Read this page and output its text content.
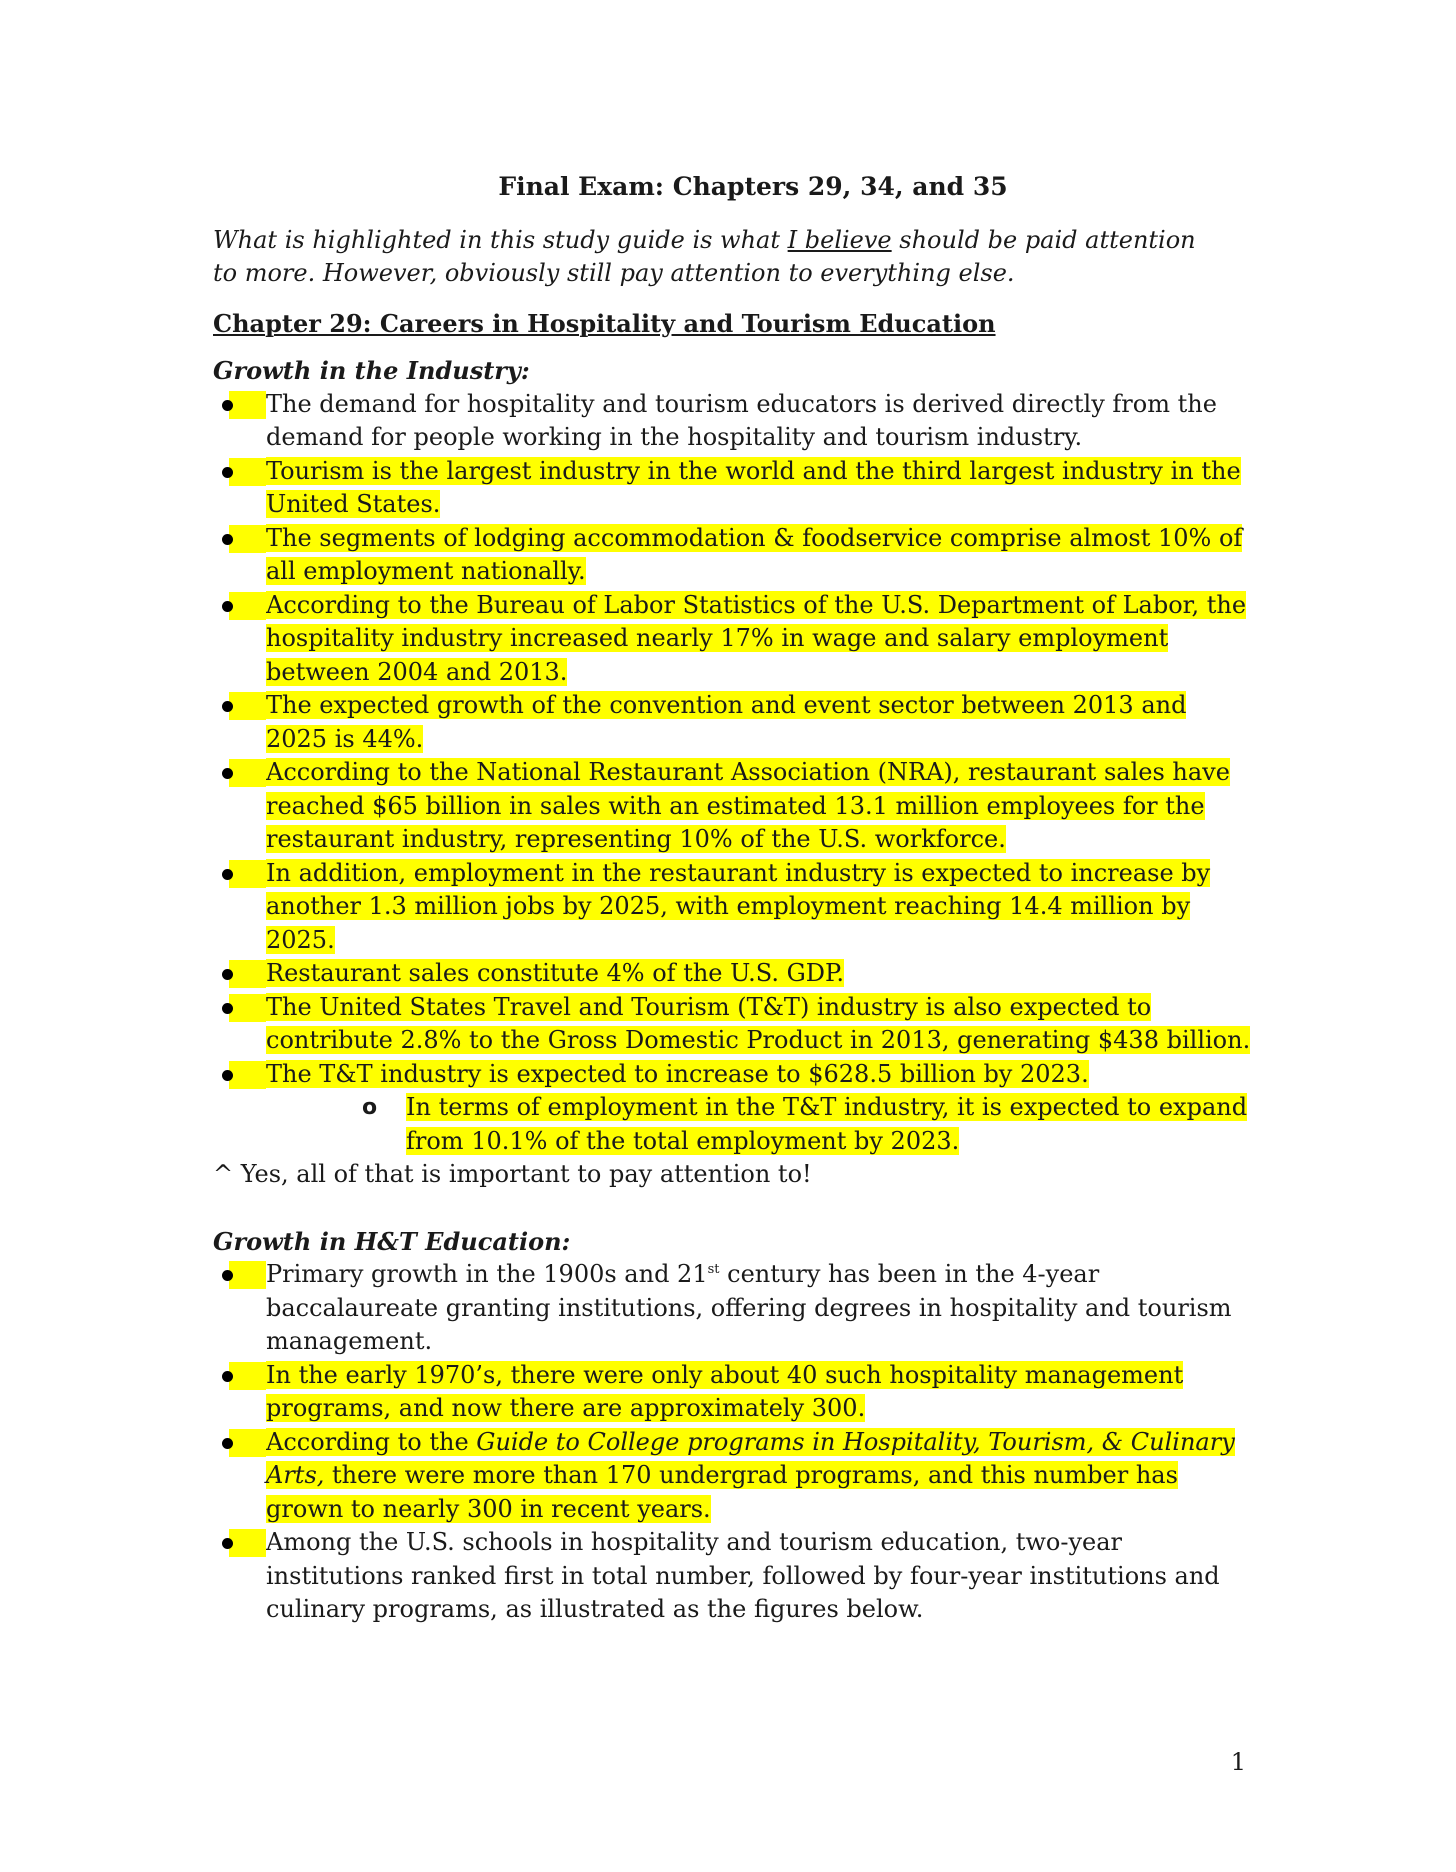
Final Exam: Chapters 29, 34, and 35

What is highlighted in this study guide is what I believe should be paid attention to more. However, obviously still pay attention to everything else.

Chapter 29: Careers in Hospitality and Tourism Education

Growth in the Industry:

The demand for hospitality and tourism educators is derived directly from the demand for people working in the hospitality and tourism industry.
Tourism is the largest industry in the world and the third largest industry in the United States.
The segments of lodging accommodation & foodservice comprise almost 10% of all employment nationally.
According to the Bureau of Labor Statistics of the U.S. Department of Labor, the hospitality industry increased nearly 17% in wage and salary employment between 2004 and 2013.
The expected growth of the convention and event sector between 2013 and 2025 is 44%.
According to the National Restaurant Association (NRA), restaurant sales have reached $65 billion in sales with an estimated 13.1 million employees for the restaurant industry, representing 10% of the U.S. workforce.
In addition, employment in the restaurant industry is expected to increase by another 1.3 million jobs by 2025, with employment reaching 14.4 million by 2025.
Restaurant sales constitute 4% of the U.S. GDP.
The United States Travel and Tourism (T&T) industry is also expected to contribute 2.8% to the Gross Domestic Product in 2013, generating $438 billion.
The T&T industry is expected to increase to $628.5 billion by 2023.
o In terms of employment in the T&T industry, it is expected to expand from 10.1% of the total employment by 2023.

^ Yes, all of that is important to pay attention to!

Growth in H&T Education:

Primary growth in the 1900s and 21st century has been in the 4-year baccalaureate granting institutions, offering degrees in hospitality and tourism management.
In the early 1970’s, there were only about 40 such hospitality management programs, and now there are approximately 300.
According to the Guide to College programs in Hospitality, Tourism, & Culinary Arts, there were more than 170 undergrad programs, and this number has grown to nearly 300 in recent years.
Among the U.S. schools in hospitality and tourism education, two-year institutions ranked first in total number, followed by four-year institutions and culinary programs, as illustrated as the figures below.
1
